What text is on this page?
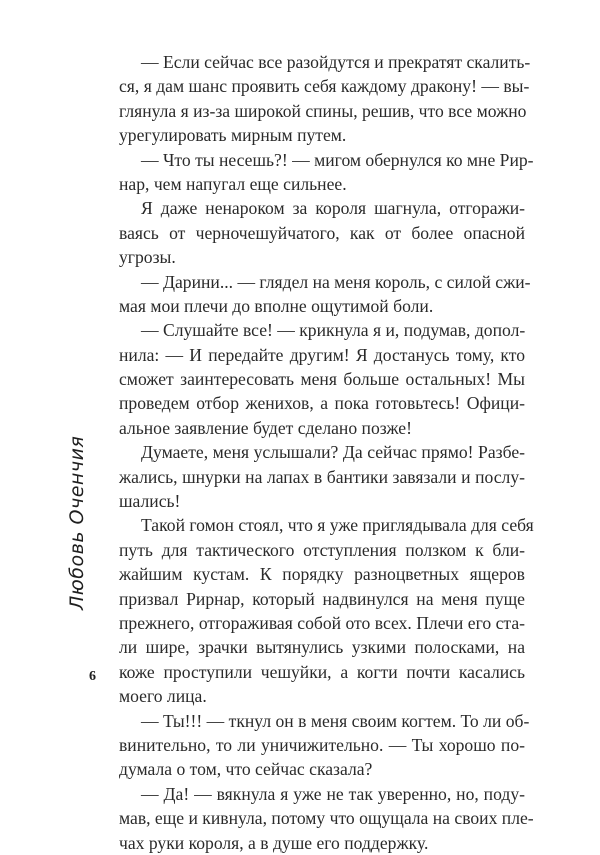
— Если сейчас все разойдутся и прекратят скалить-
ся, я дам шанс проявить себя каждому дракону! — вы-
глянула я из-за широкой спины, решив, что все можно
урегулировать мирным путем.
— Что ты несешь?! — мигом обернулся ко мне Рир-
нар, чем напугал еще сильнее.
Я даже ненароком за короля шагнула, отгоражи-
ваясь от черночешуйчатого, как от более опасной
угрозы.
— Дарини... — глядел на меня король, с силой сжи-
мая мои плечи до вполне ощутимой боли.
— Слушайте все! — крикнула я и, подумав, допол-
нила: — И передайте другим! Я достанусь тому, кто
сможет заинтересовать меня больше остальных! Мы
проведем отбор женихов, а пока готовьтесь! Офици-
альное заявление будет сделано позже!
Думаете, меня услышали? Да сейчас прямо! Разбе-
жались, шнурки на лапах в бантики завязали и послу-
шались!
Такой гомон стоял, что я уже приглядывала для себя
путь для тактического отступления ползком к бли-
жайшим кустам. К порядку разноцветных ящеров
призвал Рирнар, который надвинулся на меня пуще
прежнего, отгораживая собой ото всех. Плечи его ста-
ли шире, зрачки вытянулись узкими полосками, на
коже проступили чешуйки, а когти почти касались
моего лица.
— Ты!!! — ткнул он в меня своим когтем. То ли об-
винительно, то ли уничижительно. — Ты хорошо по-
думала о том, что сейчас сказала?
— Да! — вякнула я уже не так уверенно, но, поду-
мав, еще и кивнула, потому что ощущала на своих пле-
чах руки короля, а в душе его поддержку.
Любовь Оченчия
6
